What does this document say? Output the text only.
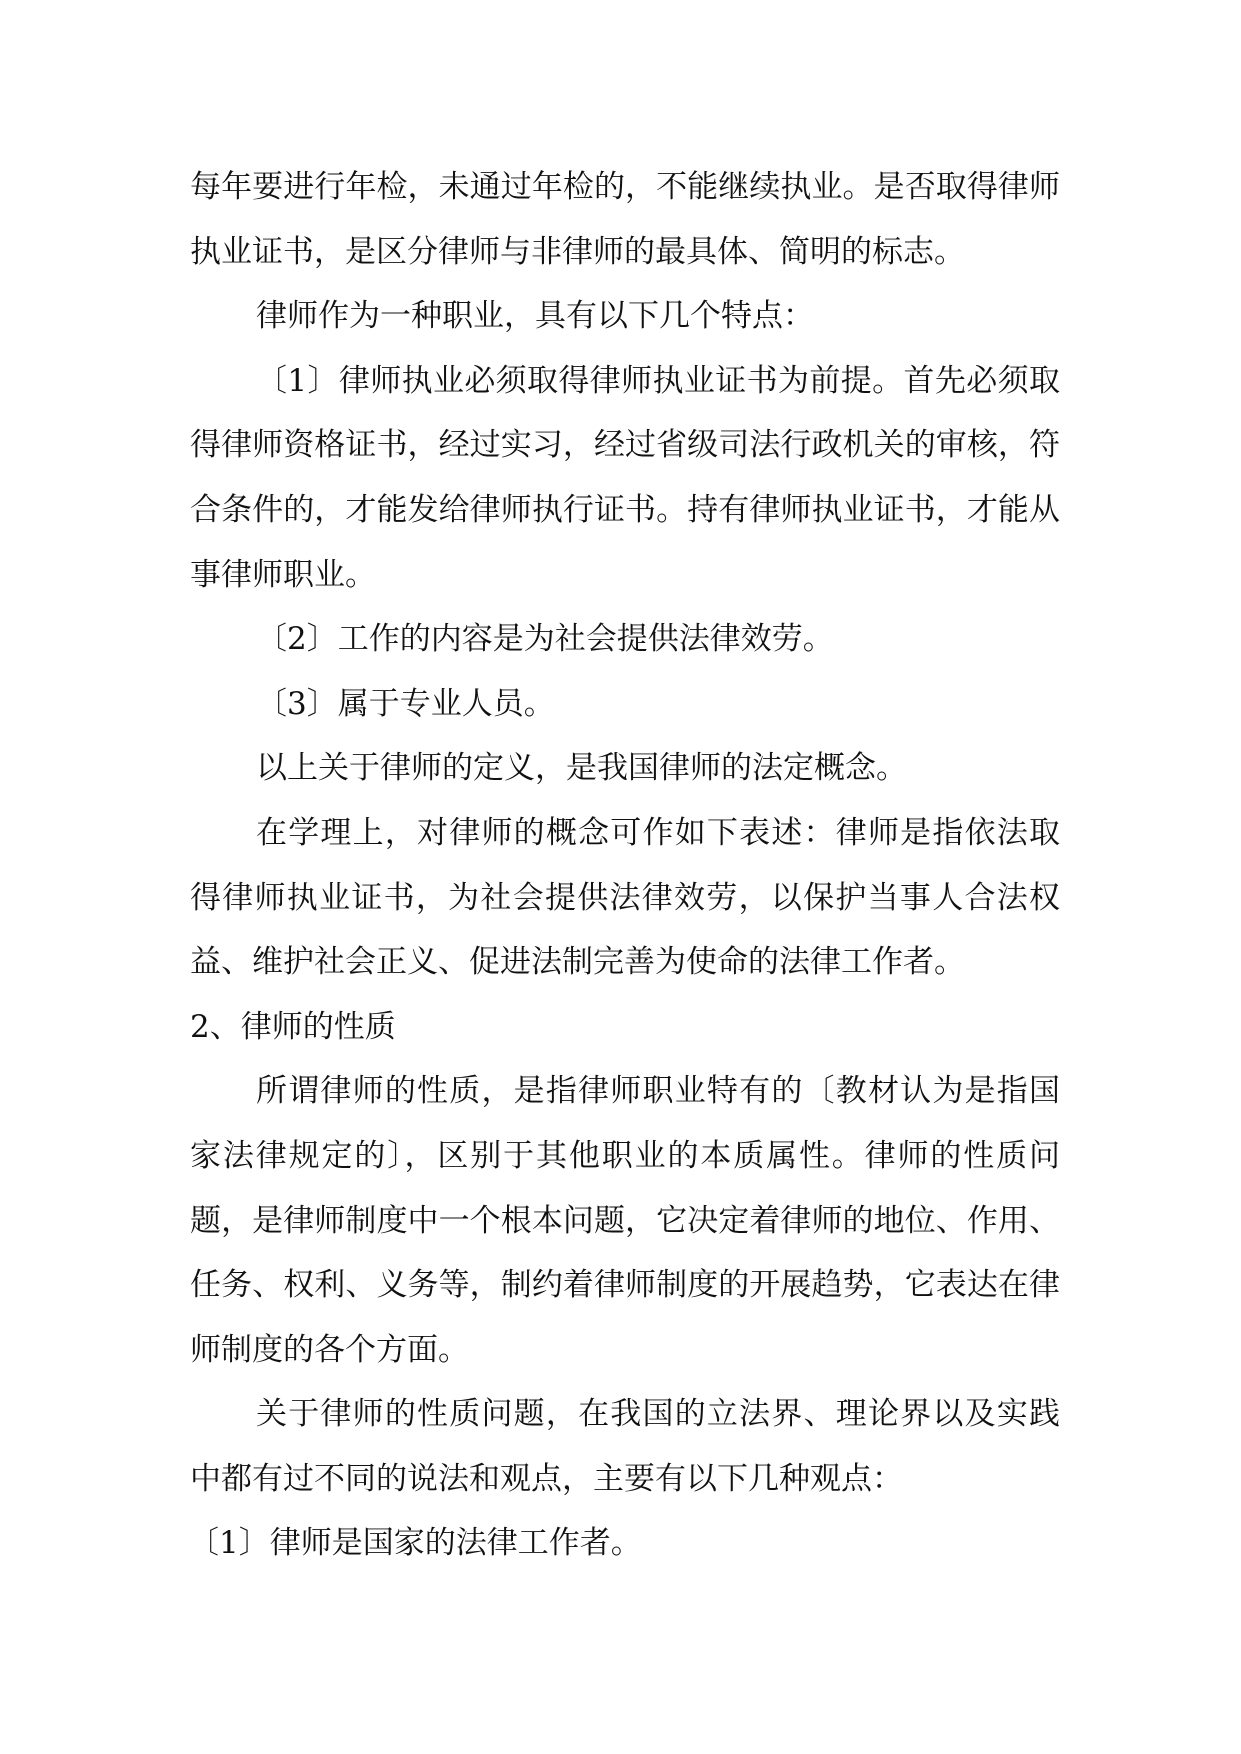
每年要进行年检，未通过年检的，不能继续执业。是否取得律师执业证书，是区分律师与非律师的最具体、简明的标志。

律师作为一种职业，具有以下几个特点：

〔1〕律师执业必须取得律师执业证书为前提。首先必须取得律师资格证书，经过实习，经过省级司法行政机关的审核，符合条件的，才能发给律师执行证书。持有律师执业证书，才能从事律师职业。

〔2〕工作的内容是为社会提供法律效劳。

〔3〕属于专业人员。

以上关于律师的定义，是我国律师的法定概念。

在学理上，对律师的概念可作如下表述：律师是指依法取得律师执业证书，为社会提供法律效劳，以保护当事人合法权益、维护社会正义、促进法制完善为使命的法律工作者。

2、律师的性质

所谓律师的性质，是指律师职业特有的〔教材认为是指国家法律规定的〕，区别于其他职业的本质属性。律师的性质问题，是律师制度中一个根本问题，它决定着律师的地位、作用、任务、权利、义务等，制约着律师制度的开展趋势，它表达在律师制度的各个方面。

关于律师的性质问题，在我国的立法界、理论界以及实践中都有过不同的说法和观点，主要有以下几种观点：

〔1〕律师是国家的法律工作者。
